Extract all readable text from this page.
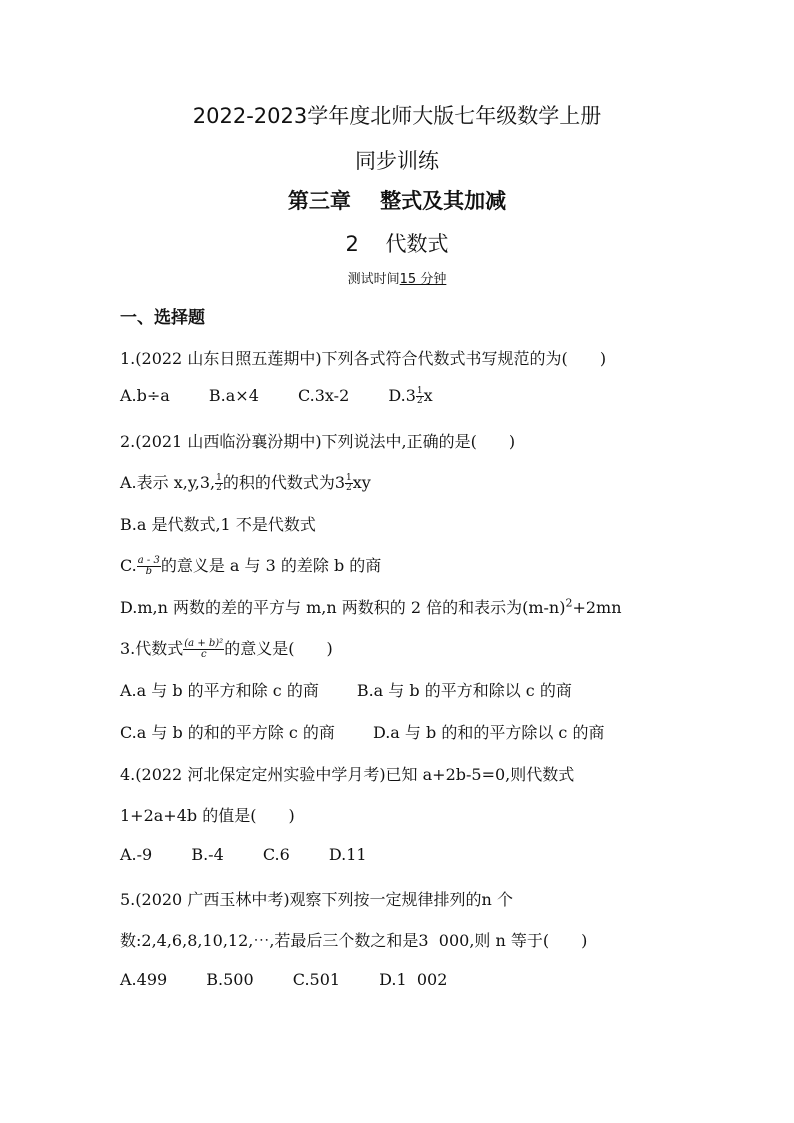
2022-2023学年度北师大版七年级数学上册
同步训练
第三章    整式及其加减
2    代数式
测试时间15 分钟
一、选择题
1.(2022 山东日照五莲期中)下列各式符合代数式书写规范的为( )
A.b÷a B.a×4 C.3x-2 $D.3 \frac{1}{2}$ x
2.(2021 山西临汾襄汾期中)下列说法中,正确的是( )
A.表示 x,y,3, $\frac{1}{2}$ 的积的代数式为$3 \frac{1}{2}$ xy
B.a 是代数式,1 不是代数式
C. $\frac{a - 3}{b}$ 的意义是 a 与 3 的差除 b 的商
D.m,n 两数的差的平方与 m,n 两数积的 2 倍的和表示为$(m-n)^2+2mn$
3.代数式 $\frac{\text{(a + b)²}}{c}$ 的意义是( )
A.a 与 b 的平方和除 c 的商 B.a 与 b 的平方和除以 c 的商
C.a 与 b 的和的平方除 c 的商 D.a 与 b 的和的平方除以 c 的商
4.(2022 河北保定定州实验中学月考)已知 a+2b-5=0,则代数式
1+2a+4b 的值是( )
A.-9 B.-4 C.6 D.11
5.(2020 广西玉林中考)观察下列按一定规律排列的n 个
数:2,4,6,8,10,12,⋯,若最后三个数之和是3  000,则 n 等于( )
A.499 B.500 C.501 D.1  002
